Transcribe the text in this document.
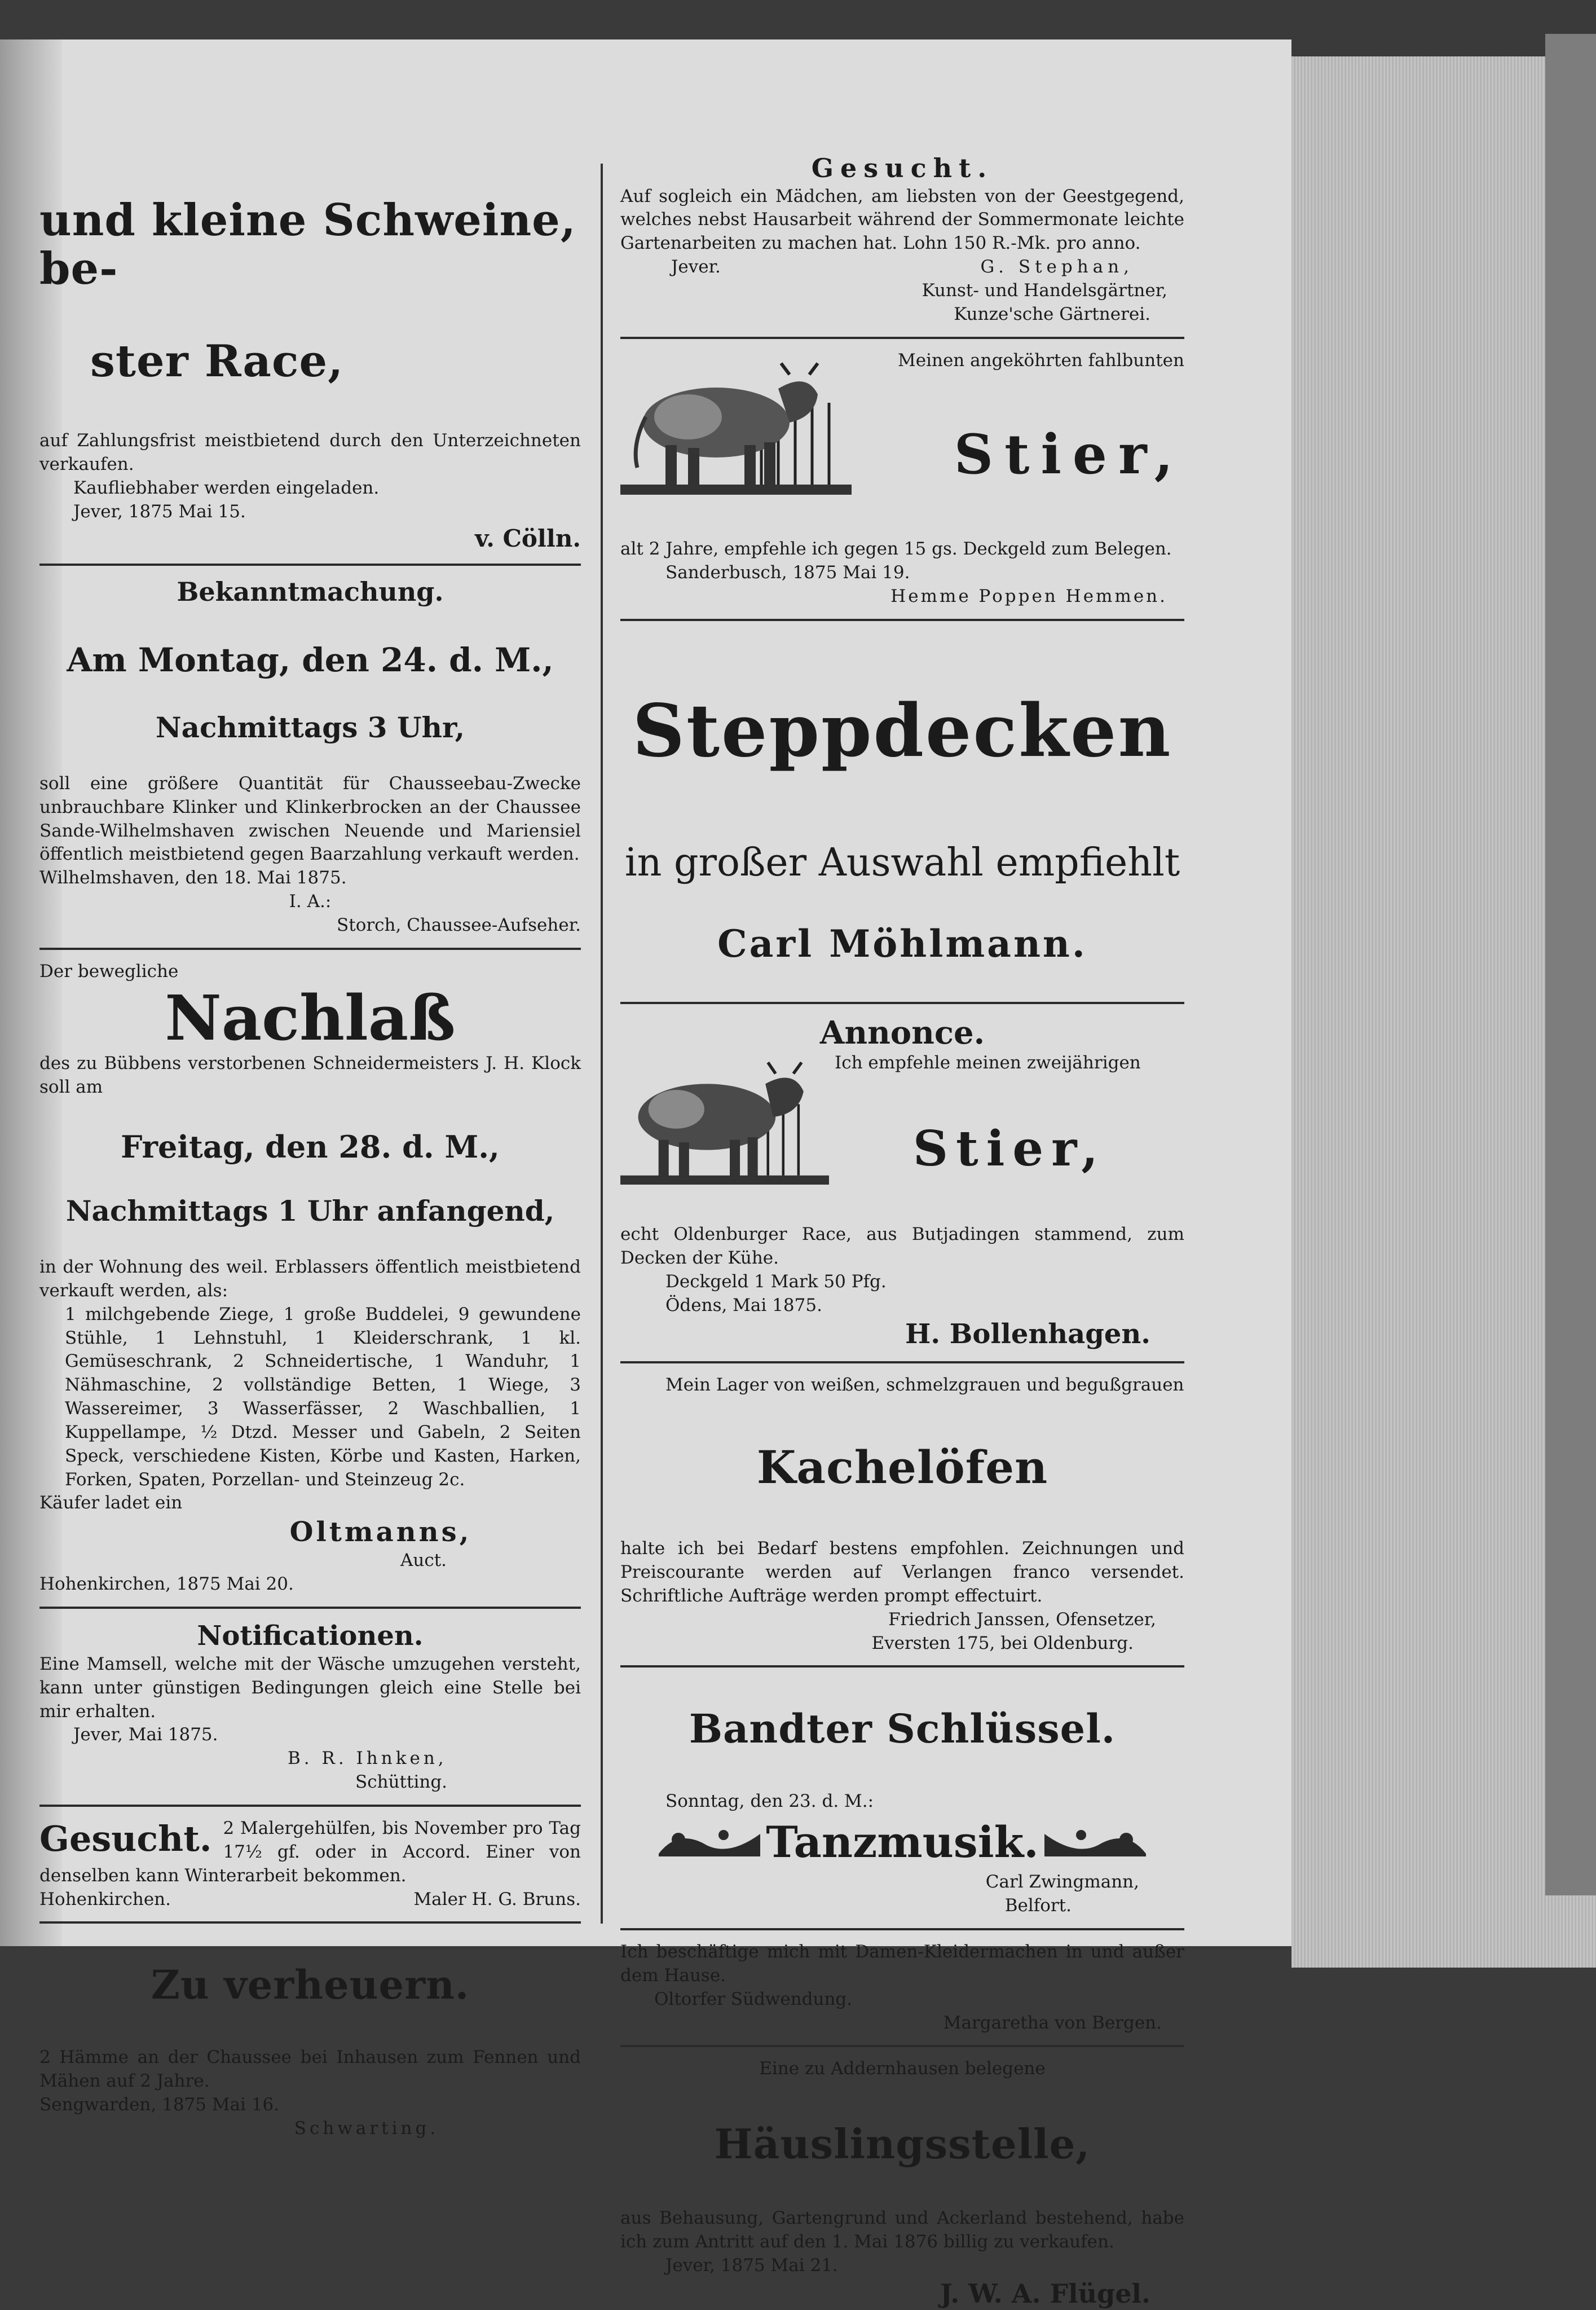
und kleine Schweine, be-

ster Race,

auf Zahlungsfrist meistbietend durch den Unterzeichneten verkaufen.

Kaufliebhaber werden eingeladen.

Jever, 1875 Mai 15.

v. Cölln.

Bekanntmachung.

Am Montag, den 24. d. M.,

Nachmittags 3 Uhr,

soll eine größere Quantität für Chausseebau-Zwecke unbrauchbare Klinker und Klinkerbrocken an der Chaussee Sande-Wilhelmshaven zwischen Neuende und Mariensiel öffentlich meistbietend gegen Baarzahlung verkauft werden.

Wilhelmshaven, den 18. Mai 1875.

I. A.:

Storch, Chaussee-Aufseher.

Der bewegliche

Nachlaß

des zu Bübbens verstorbenen Schneidermeisters J. H. Klock soll am

Freitag, den 28. d. M.,

Nachmittags 1 Uhr anfangend,

in der Wohnung des weil. Erblassers öffentlich meistbietend verkauft werden, als:

1 milchgebende Ziege, 1 große Buddelei, 9 gewundene Stühle, 1 Lehnstuhl, 1 Kleiderschrank, 1 kl. Gemüseschrank, 2 Schneidertische, 1 Wanduhr, 1 Nähmaschine, 2 vollständige Betten, 1 Wiege, 3 Wassereimer, 3 Wasserfässer, 2 Waschballien, 1 Kuppellampe, ½ Dtzd. Messer und Gabeln, 2 Seiten Speck, verschiedene Kisten, Körbe und Kasten, Harken, Forken, Spaten, Porzellan- und Steinzeug 2c.

Käufer ladet ein

Oltmanns,

Auct.

Hohenkirchen, 1875 Mai 20.

Notificationen.

Eine Mamsell, welche mit der Wäsche umzugehen versteht, kann unter günstigen Bedingungen gleich eine Stelle bei mir erhalten.

Jever, Mai 1875.

B. R. Ihnken,

Schütting.

Gesucht. 2 Malergehülfen, bis November pro Tag 17½ gf. oder in Accord. Einer von denselben kann Winterarbeit bekommen.

Hohenkirchen.	Maler H. G. Bruns.

Zu verheuern.

2 Hämme an der Chaussee bei Inhausen zum Fennen und Mähen auf 2 Jahre.

Sengwarden, 1875 Mai 16.

Schwarting.

Gesucht.

Auf sogleich ein Mädchen, am liebsten von der Geestgegend, welches nebst Hausarbeit während der Sommermonate leichte Gartenarbeiten zu machen hat. Lohn 150 R.-Mk. pro anno.

Jever.	G. Stephan,

Kunst- und Handelsgärtner,

Kunze'sche Gärtnerei.

Meinen angeköhrten fahlbunten

Stier,

alt 2 Jahre, empfehle ich gegen 15 gs. Deckgeld zum Belegen.

Sanderbusch, 1875 Mai 19.

Hemme Poppen Hemmen.

Steppdecken

in großer Auswahl empfiehlt

Carl Möhlmann.

Annonce.

Ich empfehle meinen zweijährigen

Stier,

echt Oldenburger Race, aus Butjadingen stammend, zum Decken der Kühe.

Deckgeld 1 Mark 50 Pfg.

Ödens, Mai 1875.

H. Bollenhagen.

Mein Lager von weißen, schmelzgrauen und begußgrauen

Kachelöfen

halte ich bei Bedarf bestens empfohlen. Zeichnungen und Preiscourante werden auf Verlangen franco versendet. Schriftliche Aufträge werden prompt effectuirt.

Friedrich Janssen, Ofensetzer,

Eversten 175, bei Oldenburg.

Bandter Schlüssel.

Sonntag, den 23. d. M.:

Tanzmusik.

Carl Zwingmann,

Belfort.

Ich beschäftige mich mit Damen-Kleidermachen in und außer dem Hause.

Oltorfer Südwendung.

Margaretha von Bergen.

Eine zu Addernhausen belegene

Häuslingsstelle,

aus Behausung, Gartengrund und Ackerland bestehend, habe ich zum Antritt auf den 1. Mai 1876 billig zu verkaufen.

Jever, 1875 Mai 21.

J. W. A. Flügel.
